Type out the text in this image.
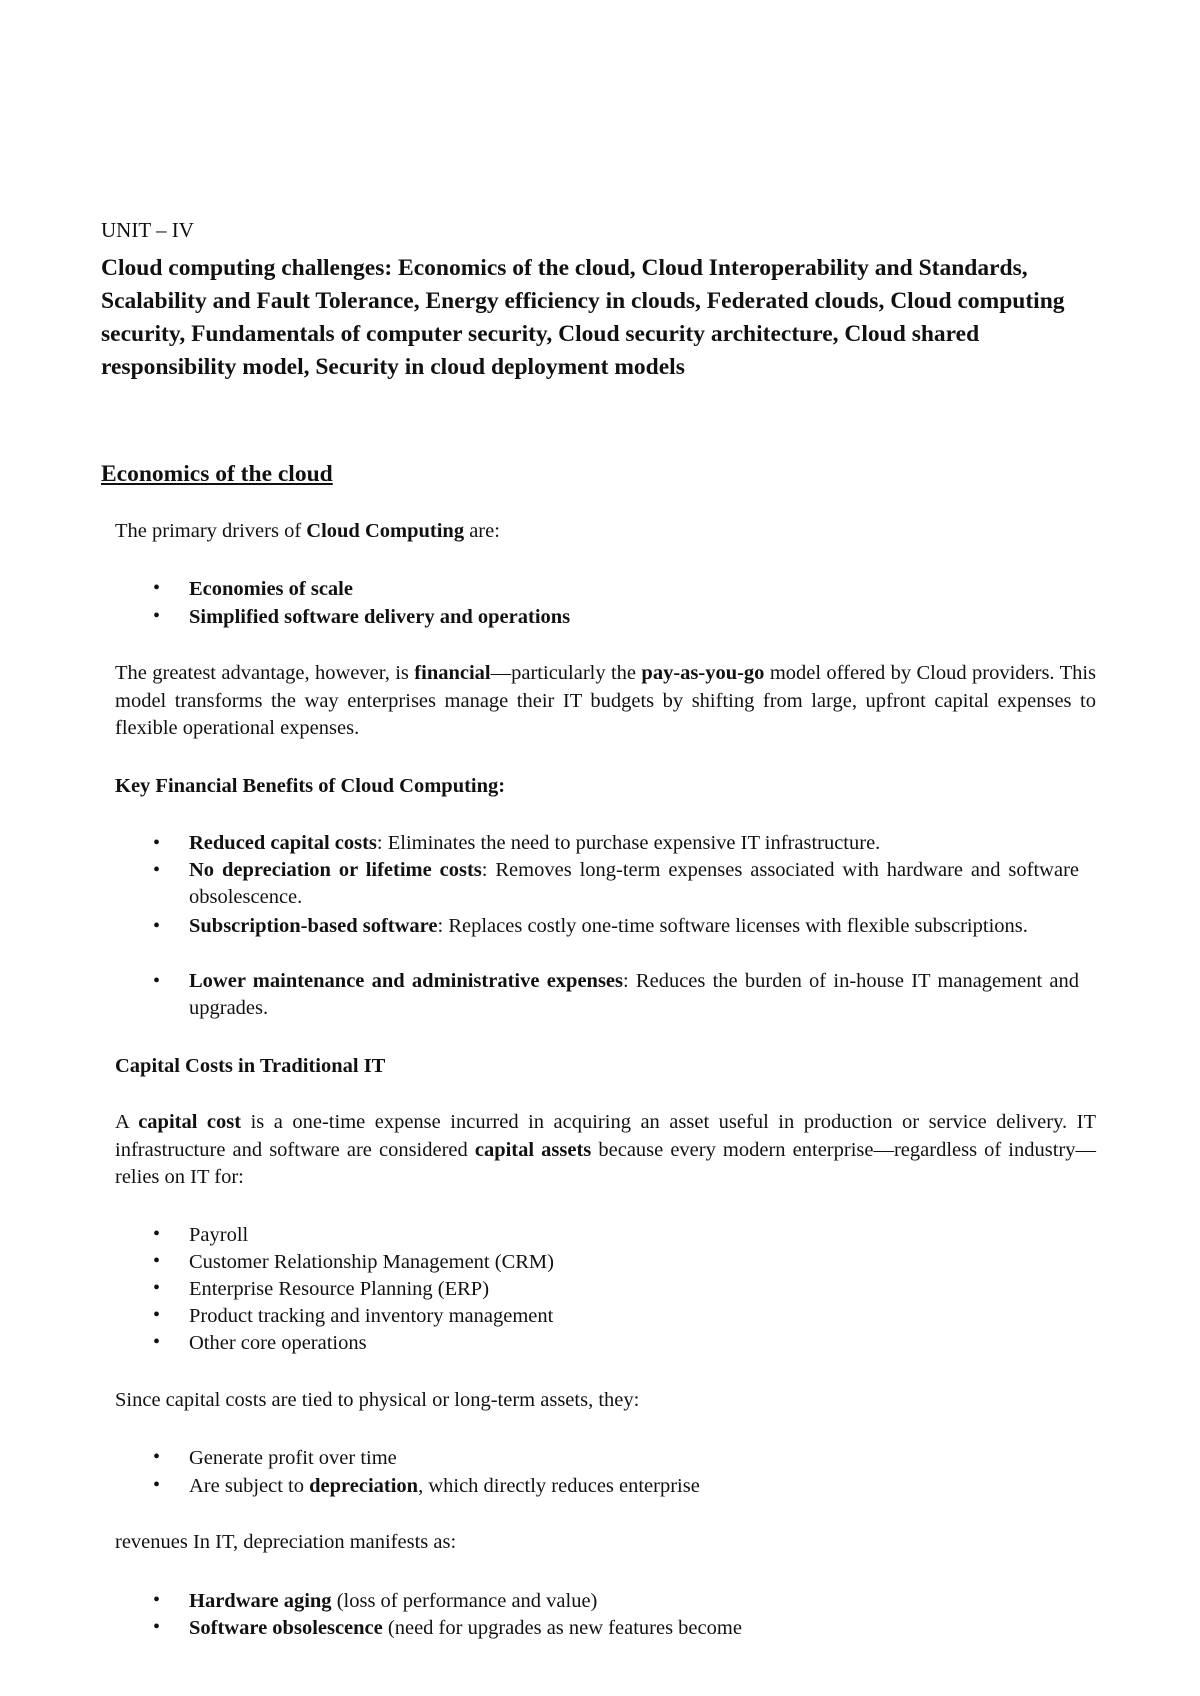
UNIT – IV
Cloud computing challenges: Economics of the cloud, Cloud Interoperability and Standards, Scalability and Fault Tolerance, Energy efficiency in clouds, Federated clouds, Cloud computing security, Fundamentals of computer security, Cloud security architecture, Cloud shared responsibility model, Security in cloud deployment models
Economics of the cloud
The primary drivers of Cloud Computing are:
• Economies of scale
• Simplified software delivery and operations
The greatest advantage, however, is financial—particularly the pay-as-you-go model offered by Cloud providers. This model transforms the way enterprises manage their IT budgets by shifting from large, upfront capital expenses to flexible operational expenses.
Key Financial Benefits of Cloud Computing:
• Reduced capital costs: Eliminates the need to purchase expensive IT infrastructure.
• No depreciation or lifetime costs: Removes long-term expenses associated with hardware and software obsolescence.
• Subscription-based software: Replaces costly one-time software licenses with flexible subscriptions.
• Lower maintenance and administrative expenses: Reduces the burden of in-house IT management and upgrades.
Capital Costs in Traditional IT
A capital cost is a one-time expense incurred in acquiring an asset useful in production or service delivery. IT infrastructure and software are considered capital assets because every modern enterprise—regardless of industry—relies on IT for:
• Payroll
• Customer Relationship Management (CRM)
• Enterprise Resource Planning (ERP)
• Product tracking and inventory management
• Other core operations
Since capital costs are tied to physical or long-term assets, they:
• Generate profit over time
• Are subject to depreciation, which directly reduces enterprise
revenues In IT, depreciation manifests as:
• Hardware aging (loss of performance and value)
• Software obsolescence (need for upgrades as new features become
